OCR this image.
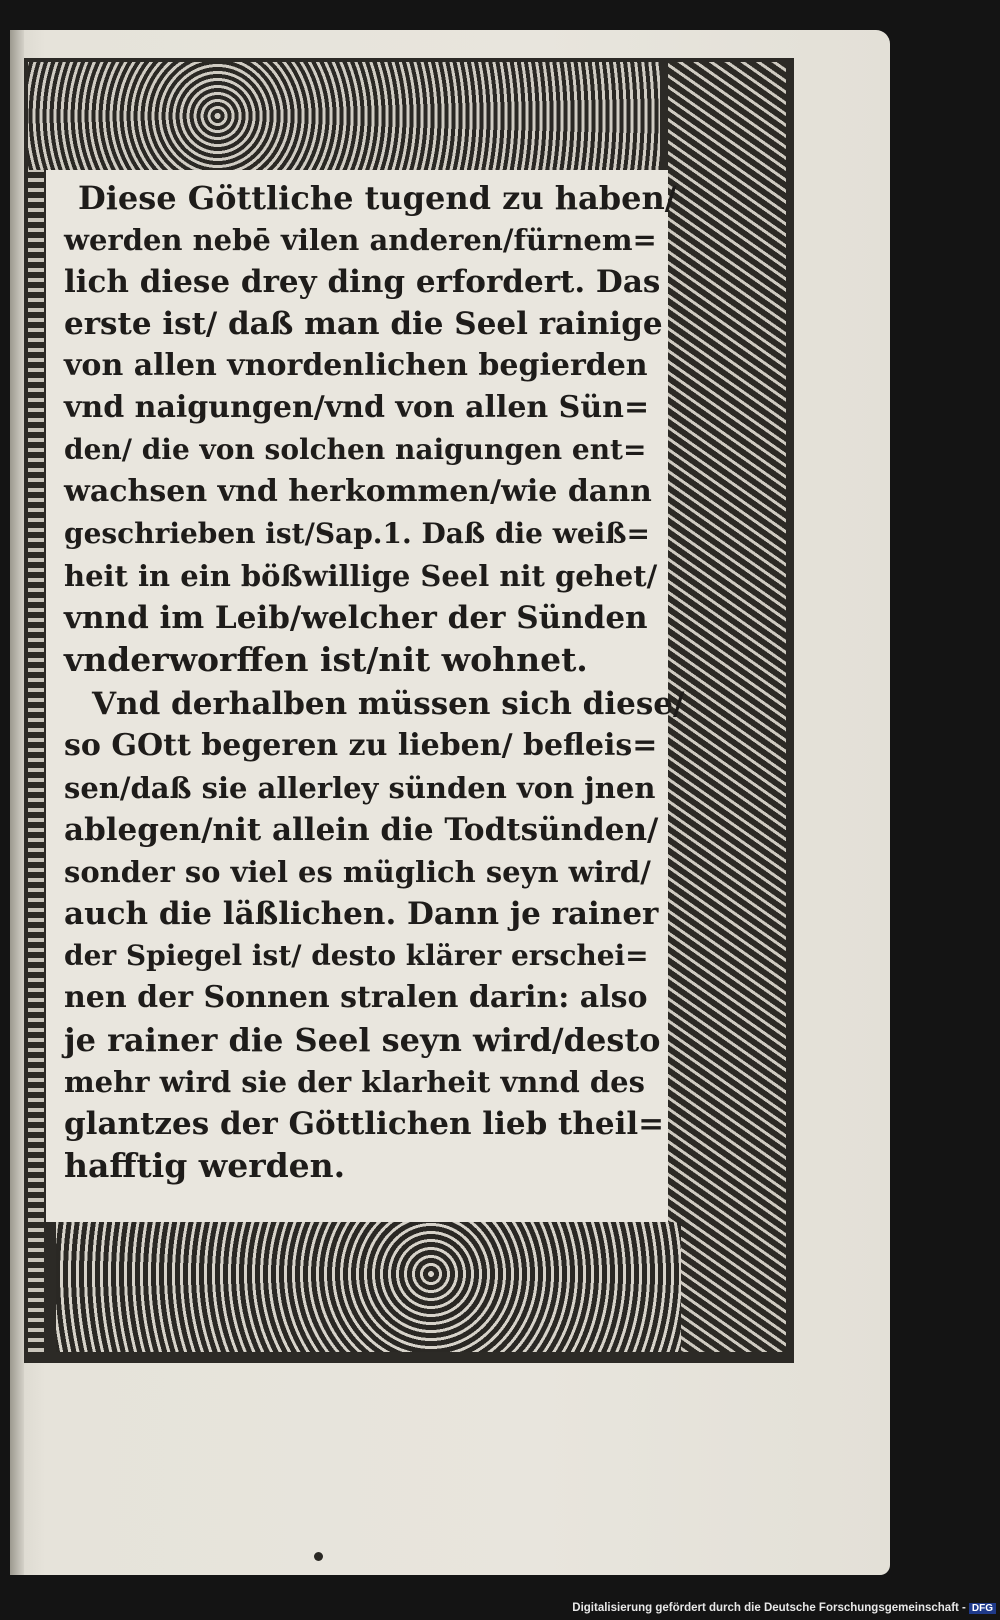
Diese Göttliche tugend zu haben/
werden nebē vilen anderen/fürnem=
lich diese drey ding erfordert. Das
erste ist/ daß man die Seel rainige
von allen vnordenlichen begierden
vnd naigungen/vnd von allen Sün=
den/ die von solchen naigungen ent=
wachsen vnd herkommen/wie dann
geschrieben ist/Sap.1. Daß die weiß=
heit in ein bößwillige Seel nit gehet/
vnnd im Leib/welcher der Sünden
vnderworffen ist/nit wohnet.
Vnd derhalben müssen sich diese/
so GOtt begeren zu lieben/ befleis=
sen/daß sie allerley sünden von jnen
ablegen/nit allein die Todtsünden/
sonder so viel es müglich seyn wird/
auch die läßlichen. Dann je rainer
der Spiegel ist/ desto klärer erschei=
nen der Sonnen stralen darin: also
je rainer die Seel seyn wird/desto
mehr wird sie der klarheit vnnd des
glantzes der Göttlichen lieb theil=
hafftig werden.
Digitalisierung gefördert durch die Deutsche Forschungsgemeinschaft - DFG
